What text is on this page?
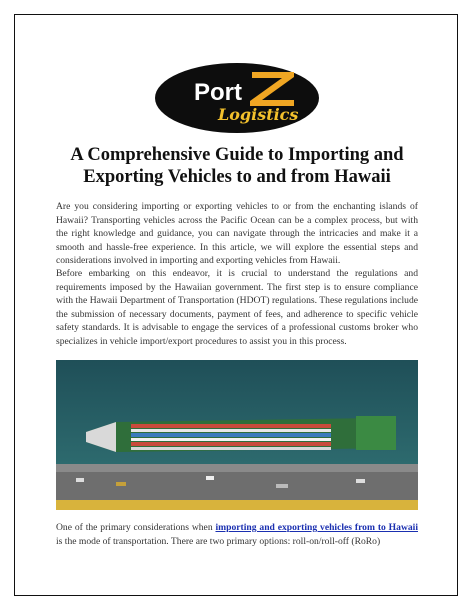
Port
Logistics
A Comprehensive Guide to Importing and Exporting Vehicles to and from Hawaii

Are you considering importing or exporting vehicles to or from the enchanting islands of Hawaii? Transporting vehicles across the Pacific Ocean can be a complex process, but with the right knowledge and guidance, you can navigate through the intricacies and make it a smooth and hassle-free experience. In this article, we will explore the essential steps and considerations involved in importing and exporting vehicles from Hawaii.

Before embarking on this endeavor, it is crucial to understand the regulations and requirements imposed by the Hawaiian government. The first step is to ensure compliance with the Hawaii Department of Transportation (HDOT) regulations. These regulations include the submission of necessary documents, payment of fees, and adherence to specific vehicle safety standards. It is advisable to engage the services of a professional customs broker who specializes in vehicle import/export procedures to assist you in this process.

One of the primary considerations when importing and exporting vehicles from to Hawaii is the mode of transportation. There are two primary options: roll-on/roll-off (RoRo)
